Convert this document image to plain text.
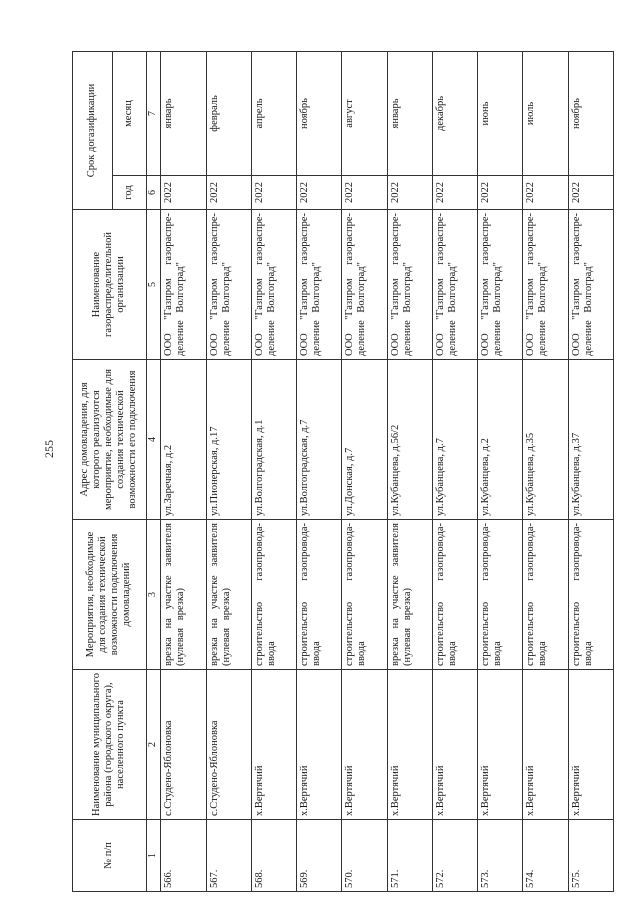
255
№ п/п	Наименование муниципального района (городского округа), населенного пункта	Мероприятия, необходимые для создания технической возможности подключения домовладений	Адрес домовладения, для которого реализуются мероприятие, необходимые для создания технической возможности его подключения	Наименование газораспределительной организации	Срок догазификации	
					год	месяц
1	2	3	4	5	6	7
566.	с.Студено-Яблоновка	врезка на участке заявителя (нулевая врезка)	ул.Заречная, д.2	ООО "Газпром газораспре-деление Волгоград"	2022	январь
567.	с.Студено-Яблоновка	врезка на участке заявителя (нулевая врезка)	ул.Пионерская, д.17	ООО "Газпром газораспре-деление Волгоград"	2022	февраль
568.	х.Вертячий	строительство газопровода-ввода	ул.Волгоградская, д.1	ООО "Газпром газораспре-деление Волгоград"	2022	апрель
569.	х.Вертячий	строительство газопровода-ввода	ул.Волгоградская, д.7	ООО "Газпром газораспре-деление Волгоград"	2022	ноябрь
570.	х.Вертячий	строительство газопровода-ввода	ул.Донская, д.7	ООО "Газпром газораспре-деление Волгоград"	2022	август
571.	х.Вертячий	врезка на участке заявителя (нулевая врезка)	ул.Кубанцева, д.56/2	ООО "Газпром газораспре-деление Волгоград"	2022	январь
572.	х.Вертячий	строительство газопровода-ввода	ул.Кубанцева, д.7	ООО "Газпром газораспре-деление Волгоград"	2022	декабрь
573.	х.Вертячий	строительство газопровода-ввода	ул.Кубанцева, д.2	ООО "Газпром газораспре-деление Волгоград"	2022	июнь
574.	х.Вертячий	строительство газопровода-ввода	ул.Кубанцева, д.35	ООО "Газпром газораспре-деление Волгоград"	2022	июль
575.	х.Вертячий	строительство газопровода-ввода	ул.Кубанцева, д.37	ООО "Газпром газораспре-деление Волгоград"	2022	ноябрь
